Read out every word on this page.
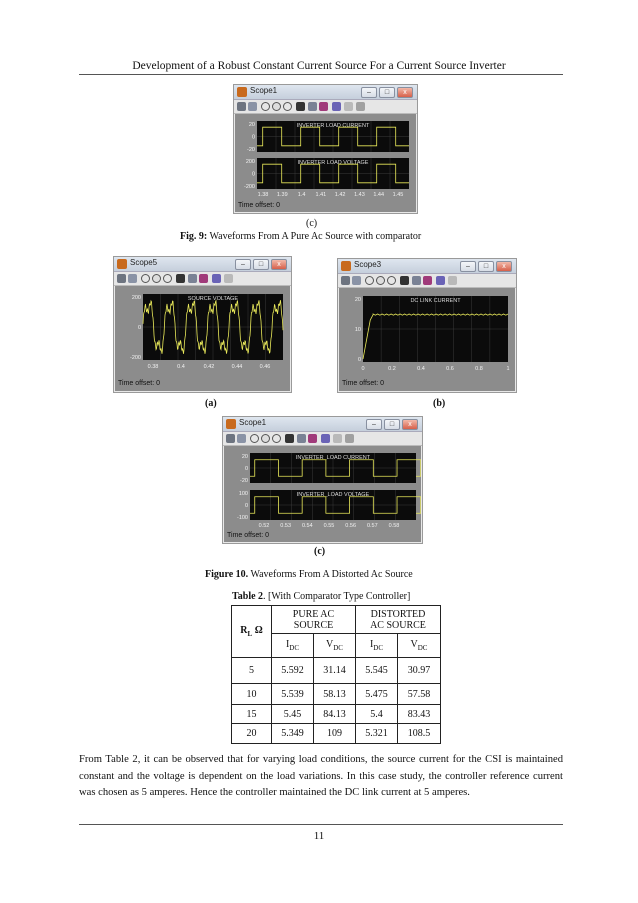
Development of a Robust Constant Current Source For a Current Source Inverter
Scope1	–	□	x
INVERTER LOAD CURRENT
20
0
-20
INVERTER LOAD VOLTAGE
200
0
-200
1.38 1.39 1.4 1.41 1.42 1.43 1.44 1.45
Time offset: 0
(c)
Fig. 9: Waveforms From A Pure Ac Source with comparator
Scope5	–	□	x
SOURCE VOLTAGE
200
0
-200
0.38	0.4	0.42	0.44	0.46
Time offset: 0
Scope3	–	□	x
DC LINK CURRENT
20
10
0
0	0.2	0.4	0.6	0.8	1
Time offset: 0
(a)	(b)
Scope1	–	□	x
INVERTER_LOAD CURRENT
20
0
-20
INVERTER_LOAD VOLTAGE
100
0
-100
0.52 0.53 0.54 0.55 0.56 0.57 0.58
Time offset: 0
(c)
Figure 10. Waveforms From A Distorted Ac Source
Table 2. [With Comparator Type Controller]
$R_L$ Ω	PURE AC
SOURCE		DISTORTED
AC SOURCE	
	$I_{DC}$	$V_{DC}$	$I_{DC}$	$V_{DC}$
5	5.592	31.14	5.545	30.97
10	5.539	58.13	5.475	57.58
15	5.45	84.13	5.4	83.43
20	5.349	109	5.321	108.5
From Table 2, it can be observed that for varying load conditions, the source current for the CSI is maintained constant and the voltage is dependent on the load variations. In this case study, the controller reference current was chosen as 5 amperes. Hence the controller maintained the DC link current at 5 amperes.
11
